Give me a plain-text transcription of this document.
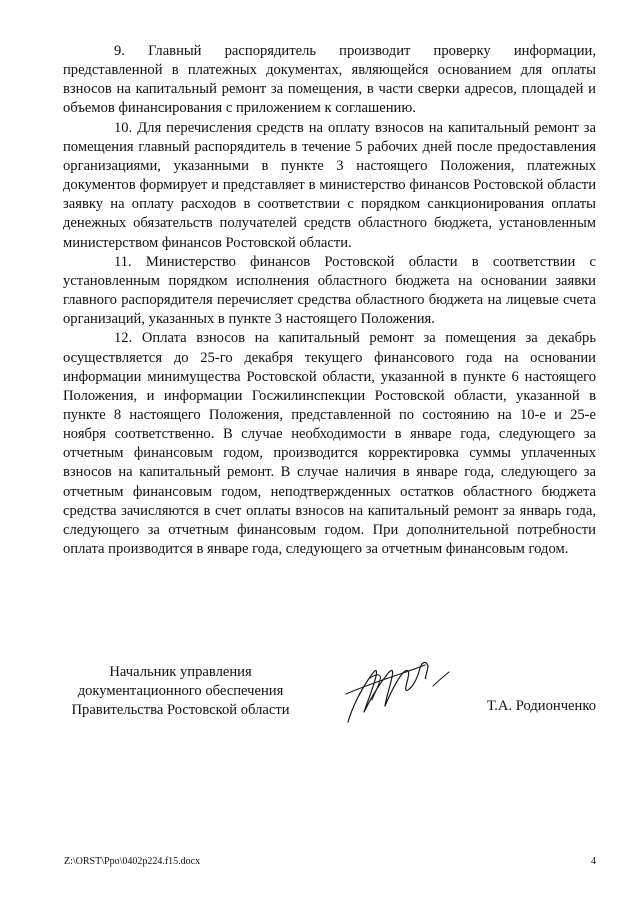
9. Главный распорядитель производит проверку информации, представленной в платежных документах, являющейся основанием для оплаты взносов на капитальный ремонт за помещения, в части сверки адресов, площадей и объемов финансирования с приложением к соглашению.

10. Для перечисления средств на оплату взносов на капитальный ремонт за помещения главный распорядитель в течение 5 рабочих дней после предоставления организациями, указанными в пункте 3 настоящего Положения, платежных документов формирует и представляет в министерство финансов Ростовской области заявку на оплату расходов в соответствии с порядком санкционирования оплаты денежных обязательств получателей средств областного бюджета, установленным министерством финансов Ростовской области.

11. Министерство финансов Ростовской области в соответствии с установленным порядком исполнения областного бюджета на основании заявки главного распорядителя перечисляет средства областного бюджета на лицевые счета организаций, указанных в пункте 3 настоящего Положения.

12. Оплата взносов на капитальный ремонт за помещения за декабрь осуществляется до 25-го декабря текущего финансового года на основании информации минимущества Ростовской области, указанной в пункте 6 настоящего Положения, и информации Госжилинспекции Ростовской области, указанной в пункте 8 настоящего Положения, представленной по состоянию на 10-е и 25-е ноября соответственно. В случае необходимости в январе года, следующего за отчетным финансовым годом, производится корректировка суммы уплаченных взносов на капитальный ремонт. В случае наличия в январе года, следующего за отчетным финансовым годом, неподтвержденных остатков областного бюджета средства зачисляются в счет оплаты взносов на капитальный ремонт за январь года, следующего за отчетным финансовым годом. При дополнительной потребности оплата производится в январе года, следующего за отчетным финансовым годом.

Начальник управления
документационного обеспечения
Правительства Ростовской области	Т.А. Родионченко
Z:\ORST\Ppo\0402p224.f15.docx	4
